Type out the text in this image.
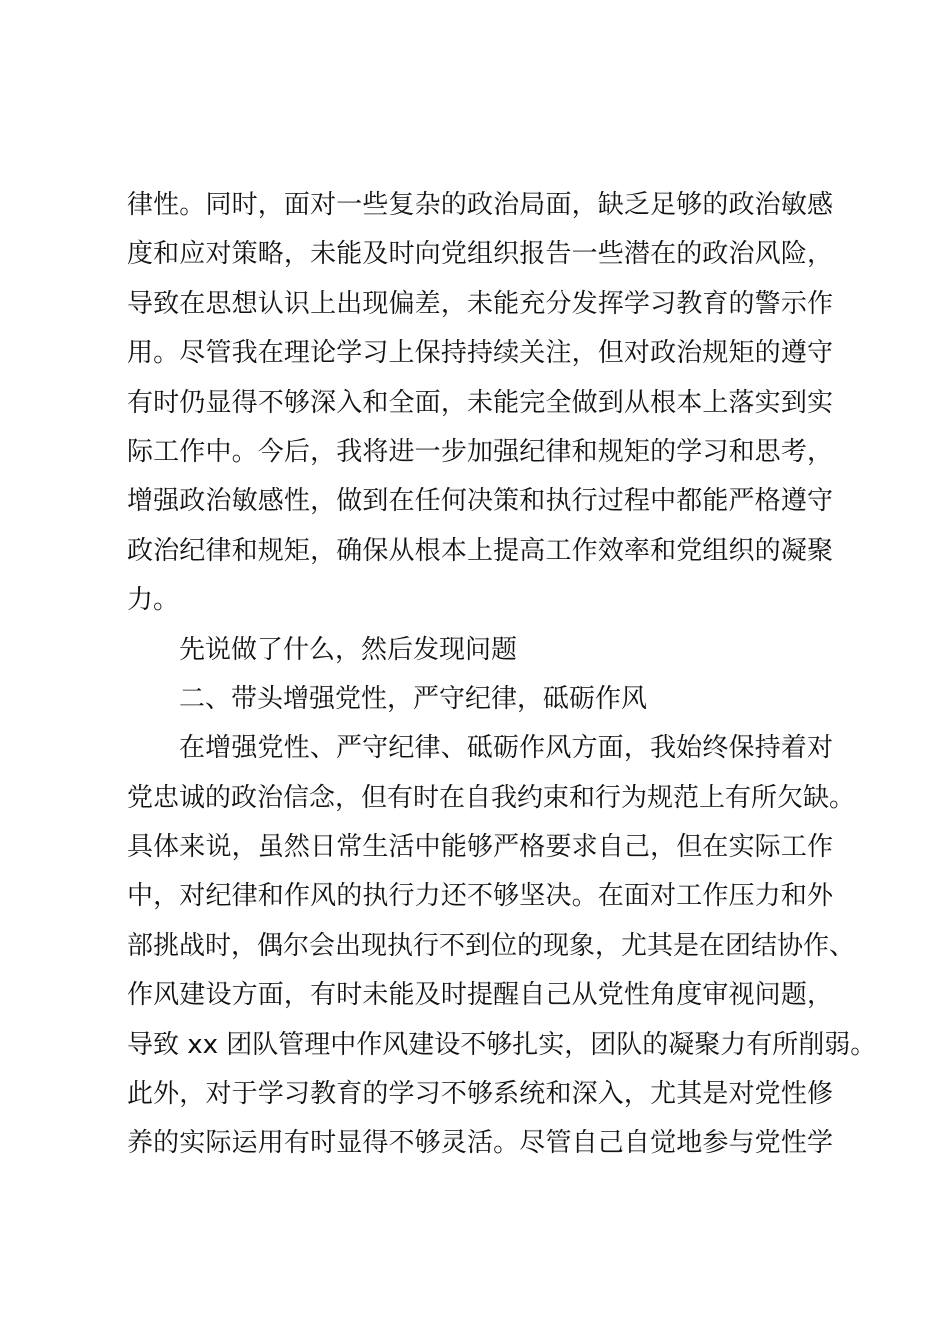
律性。同时，面对一些复杂的政治局面，缺乏足够的政治敏感
度和应对策略，未能及时向党组织报告一些潜在的政治风险，
导致在思想认识上出现偏差，未能充分发挥学习教育的警示作
用。尽管我在理论学习上保持持续关注，但对政治规矩的遵守
有时仍显得不够深入和全面，未能完全做到从根本上落实到实
际工作中。今后，我将进一步加强纪律和规矩的学习和思考，
增强政治敏感性，做到在任何决策和执行过程中都能严格遵守
政治纪律和规矩，确保从根本上提高工作效率和党组织的凝聚
力。
先说做了什么，然后发现问题
二、带头增强党性，严守纪律，砥砺作风
在增强党性、严守纪律、砥砺作风方面，我始终保持着对
党忠诚的政治信念，但有时在自我约束和行为规范上有所欠缺。
具体来说，虽然日常生活中能够严格要求自己，但在实际工作
中，对纪律和作风的执行力还不够坚决。在面对工作压力和外
部挑战时，偶尔会出现执行不到位的现象，尤其是在团结协作、
作风建设方面，有时未能及时提醒自己从党性角度审视问题，
导致 xx 团队管理中作风建设不够扎实，团队的凝聚力有所削弱。
此外，对于学习教育的学习不够系统和深入，尤其是对党性修
养的实际运用有时显得不够灵活。尽管自己自觉地参与党性学
